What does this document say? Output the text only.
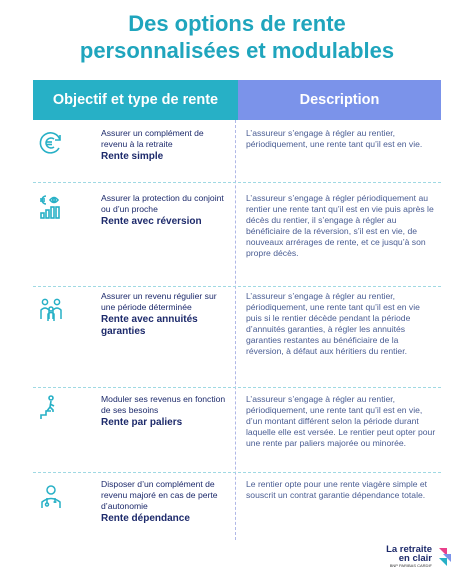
Des options de rente
personnalisées et modulables
Objectif et type de rente	Description
Assurer un complément de revenu à la retraite
Rente simple
L’assureur s’engage à régler au rentier, périodiquement, une rente tant qu’il est en vie.
Assurer la protection du conjoint ou d’un proche
Rente avec réversion
L’assureur s’engage à régler périodiquement au rentier une rente tant qu’il est en vie puis après le décès du rentier, il s’engage à régler au bénéficiaire de la réversion, s’il est en vie, de nouveaux arrérages de rente, et ce jusqu’à son propre décès.
Assurer un revenu régulier sur une période déterminée
Rente avec annuités garanties
L’assureur s’engage à régler au rentier, périodiquement, une rente tant qu’il est en vie puis si le rentier décède pendant la période d’annuités garanties, à régler les annuités garanties restantes au bénéficiaire de la réversion, à défaut aux héritiers du rentier.
Moduler ses revenus en fonction de ses besoins
Rente par paliers
L’assureur s’engage à régler au rentier, périodiquement, une rente tant qu’il est en vie, d’un montant différent selon la période durant laquelle elle est versée. Le rentier peut opter pour une rente par paliers majorée ou minorée.
Disposer d’un complément de revenu majoré en cas de perte d’autonomie
Rente dépendance
Le rentier opte pour une rente viagère simple et souscrit un contrat garantie dépendance totale.
La retraite
en clair
BNP PARIBAS CARDIF
